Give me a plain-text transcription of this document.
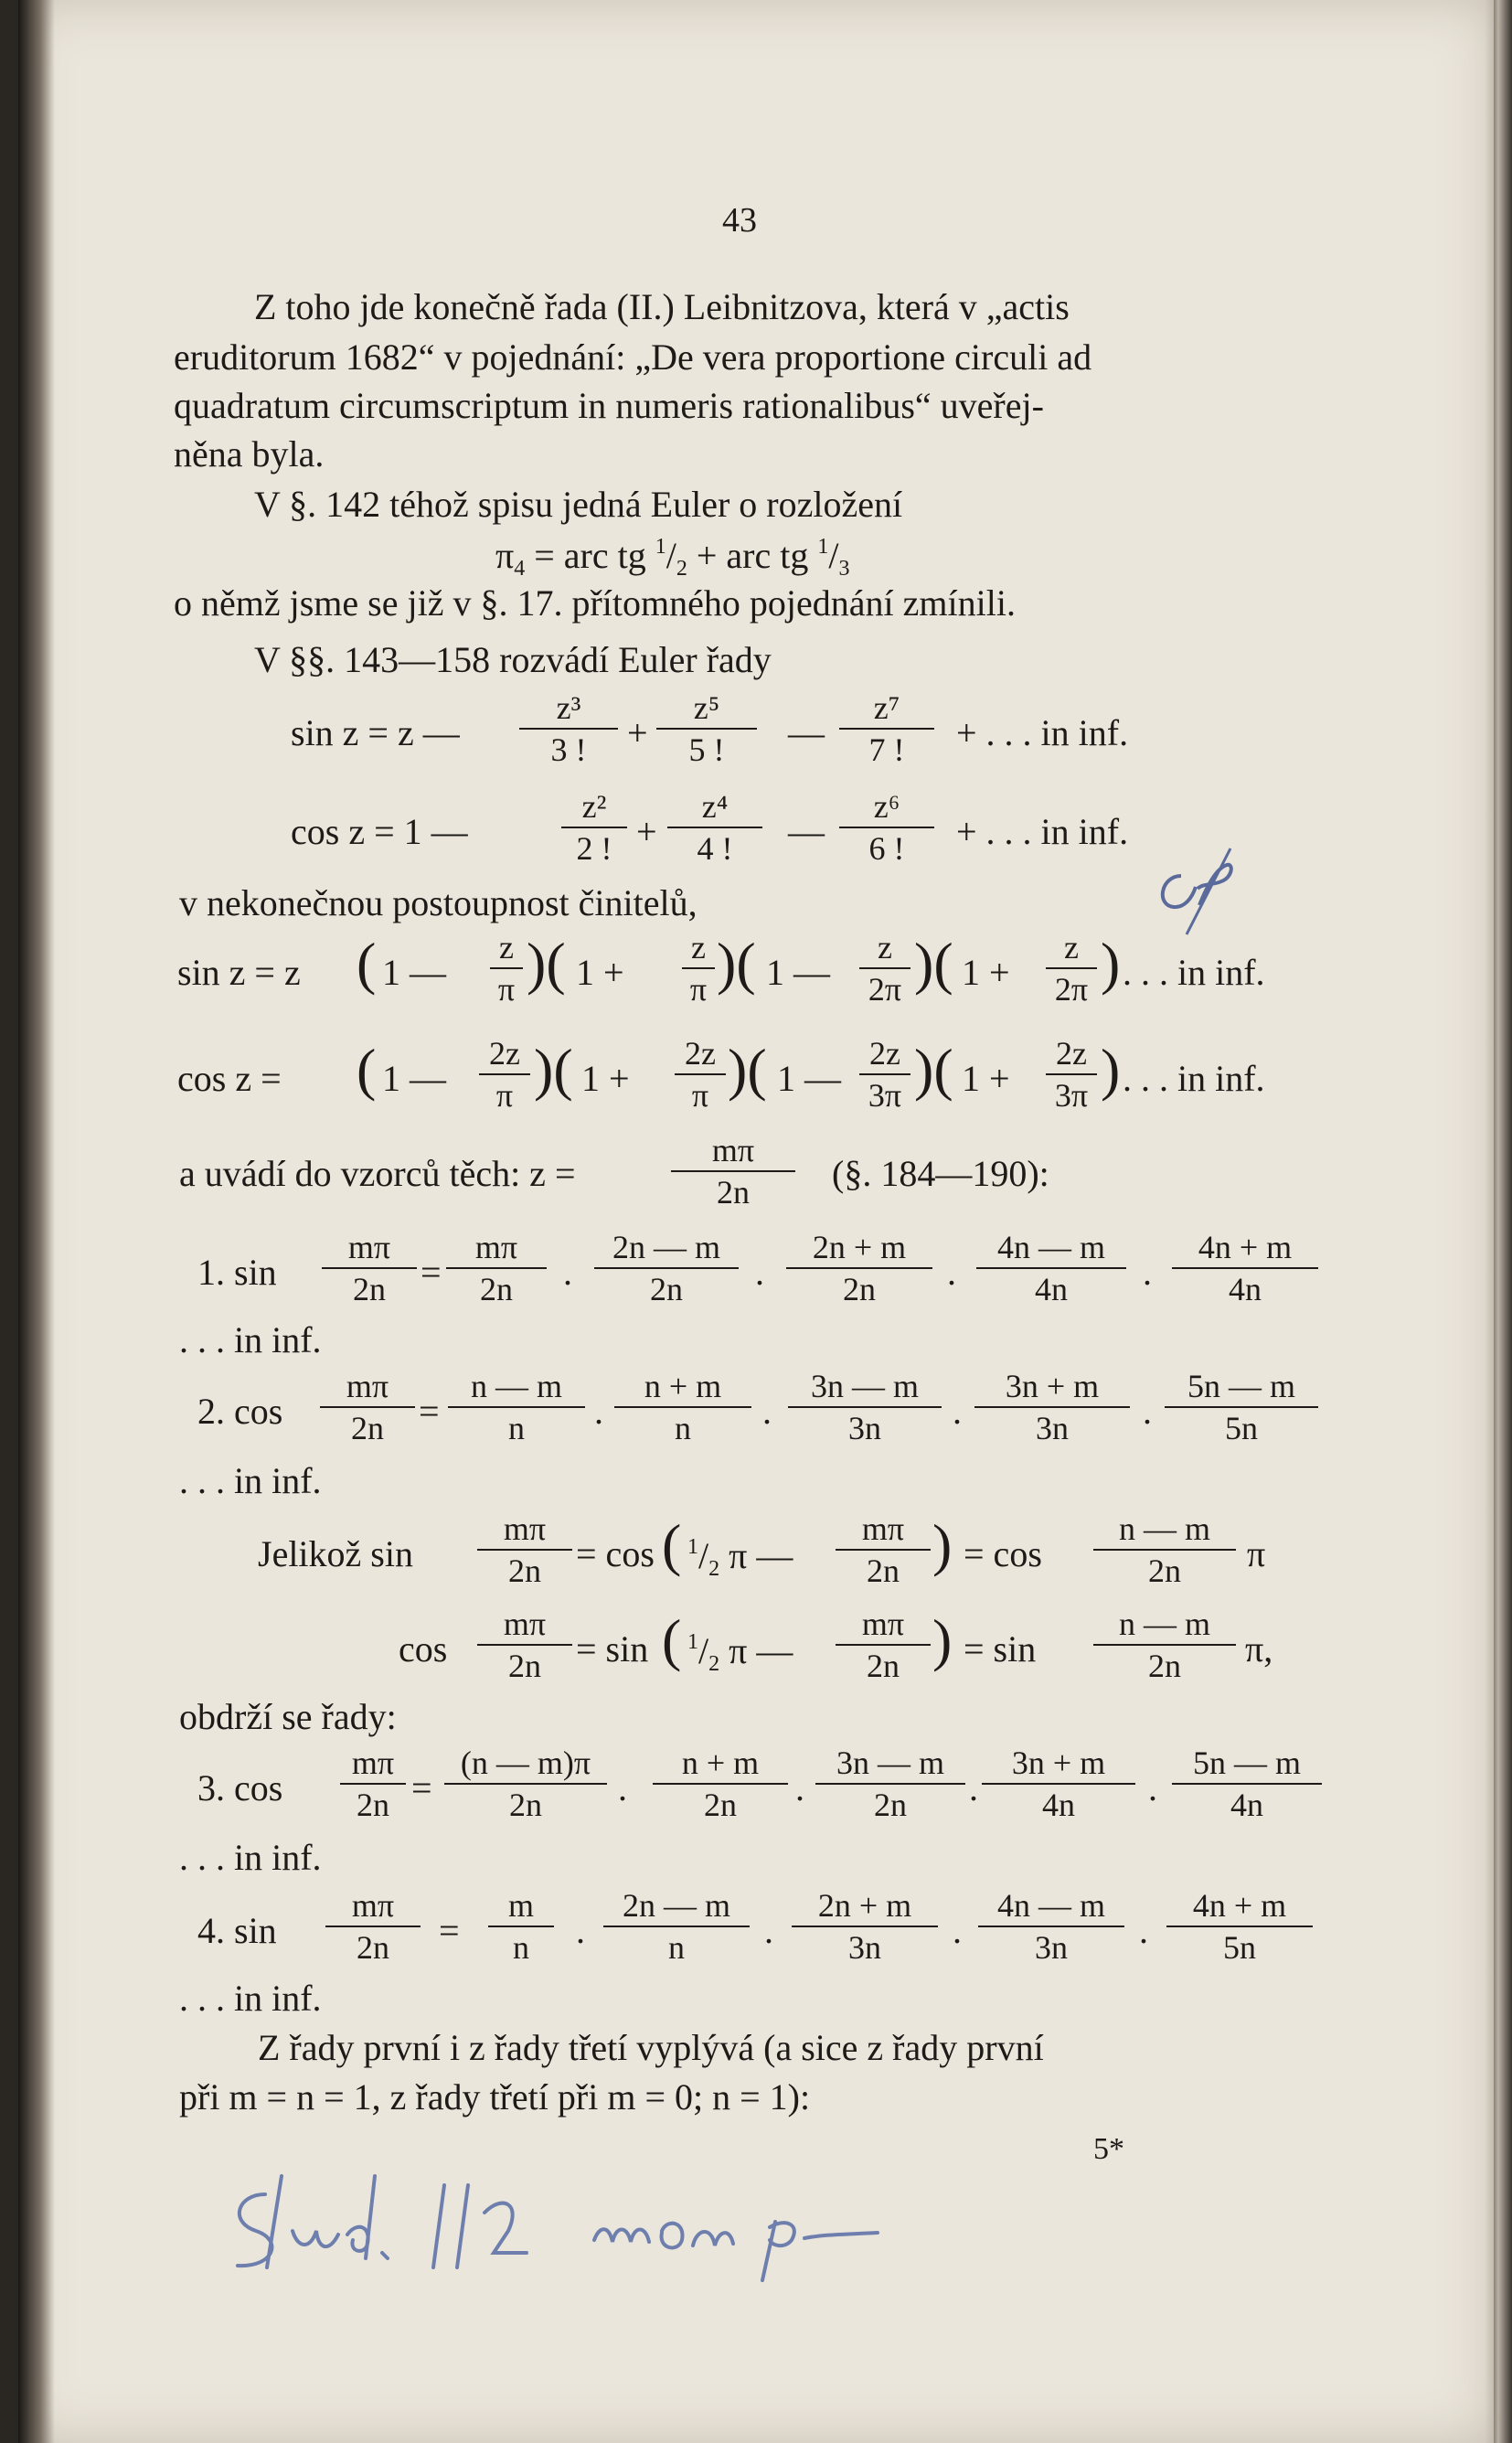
43
Z toho jde konečně řada (II.) Leibnitzova, která v „actis
eruditorum 1682“ v pojednání: „De vera proportione circuli ad
quadratum circumscriptum in numeris rationalibus“ uveřej-
něna byla.
V §. 142 téhož spisu jedná Euler o rozložení
$\pi_4$ = arc tg $^1/_2$ + arc tg $^1/_3$
o němž jsme se již v §. 17. přítomného pojednání zmínili.
V §§. 143—158 rozvádí Euler řady
sin z = z —
z³
3 ! +
z⁵
5 ! —
z⁷
7 ! + . . . in inf.
cos z = 1 —
z²
2 ! +
z⁴
4 ! —
z⁶
6 ! + . . . in inf.
v nekonečnou postoupnost činitelů,
sin z = z ( 1 —
z
π )( 1 +
z
π )( 1 —
z
2π )( 1 +
z
2π ) . . . in inf.
cos z = ( 1 —
2z
π )( 1 +
2z
π )( 1 —
2z
3π )( 1 +
2z
3π ) . . . in inf.
a uvádí do vzorců těch: z =
mπ
2n (§. 184—190):
1. sin
mπ
2n =
mπ
2n .
2n — m
2n .
2n + m
2n .
4n — m
4n .
4n + m
4n
. . . in inf.
2. cos
mπ
2n =
n — m
n .
n + m
n .
3n — m
3n .
3n + m
3n .
5n — m
5n
. . . in inf.
Jelikož sin
mπ
2n = cos ( $^1/_2$ π —
mπ
2n ) = cos
n — m
2n π
cos
mπ
2n = sin ( $^1/_2$ π —
mπ
2n ) = sin
n — m
2n π,
obdrží se řady:
3. cos
mπ
2n =
(n — m)π
2n .
n + m
2n .
3n — m
2n .
3n + m
4n .
5n — m
4n
. . . in inf.
4. sin
mπ
2n =
m
n .
2n — m
n .
2n + m
3n .
4n — m
3n .
4n + m
5n
. . . in inf.
Z řady první i z řady třetí vyplývá (a sice z řady první
při m = n = 1, z řady třetí při m = 0; n = 1):
5*
